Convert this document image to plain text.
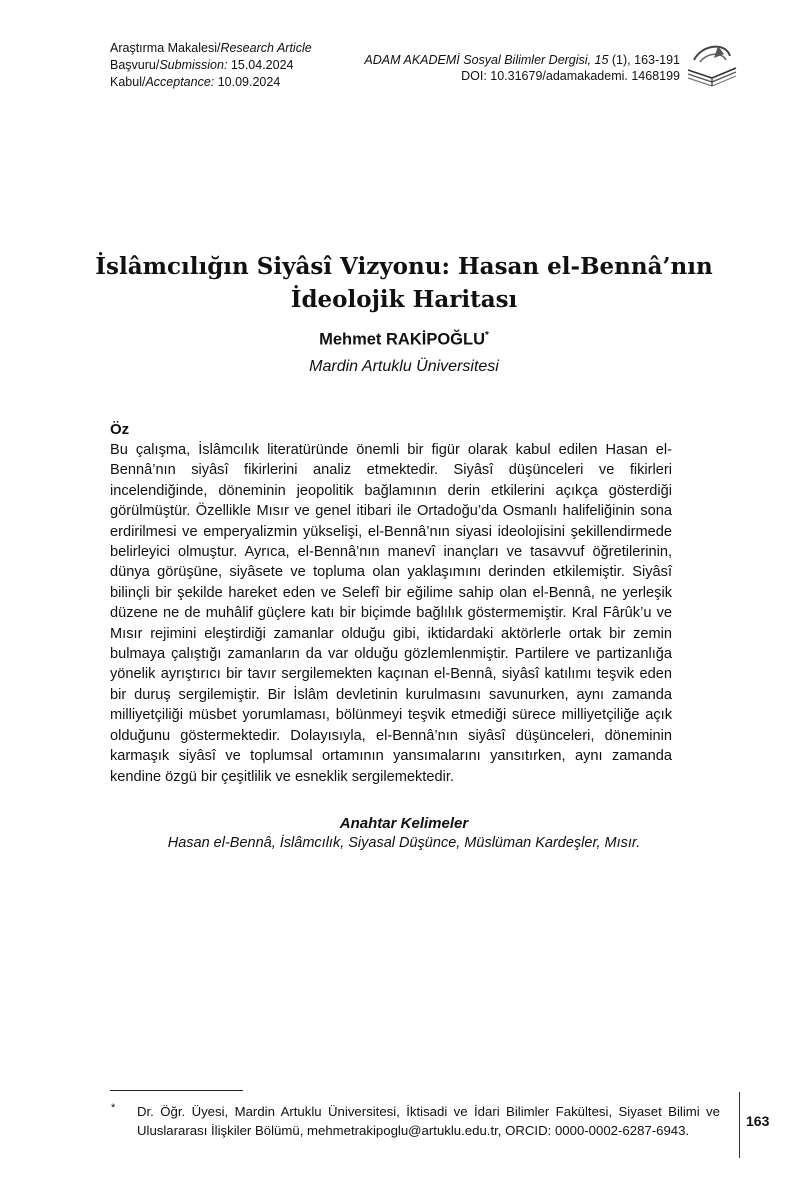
Araştırma Makalesi/Research Article
Başvuru/Submission: 15.04.2024
Kabul/Acceptance: 10.09.2024
ADAM AKADEMİ Sosyal Bilimler Dergisi, 15 (1), 163-191
DOI: 10.31679/adamakademi. 1468199
İslâmcılığın Siyâsî Vizyonu: Hasan el-Bennâ’nın
İdeolojik Haritası
Mehmet RAKİPOĞLU*
Mardin Artuklu Üniversitesi
Öz

Bu çalışma, İslâmcılık literatüründe önemli bir figür olarak kabul edilen Hasan el-Bennâ’nın siyâsî fikirlerini analiz etmektedir. Siyâsî düşünceleri ve fikirleri incelendiğinde, döneminin jeopolitik bağlamının derin etkilerini açıkça gösterdiği görülmüştür. Özellikle Mısır ve genel itibari ile Ortadoğu’da Osmanlı halifeliğinin sona erdirilmesi ve emperyalizmin yükselişi, el-Bennâ’nın siyasi ideolojisini şekillendirmede belirleyici olmuştur. Ayrıca, el-Bennâ’nın manevî inançları ve tasavvuf öğretilerinin, dünya görüşüne, siyâsete ve topluma olan yaklaşımını derinden etkilemiştir. Siyâsî bilinçli bir şekilde hareket eden ve Selefî bir eğilime sahip olan el-Bennâ, ne yerleşik düzene ne de muhâlif güçlere katı bir biçimde bağlılık göstermemiştir. Kral Fârûk’u ve Mısır rejimini eleştirdiği zamanlar olduğu gibi, iktidardaki aktörlerle ortak bir zemin bulmaya çalıştığı zamanların da var olduğu gözlemlenmiştir. Partilere ve partizanlığa yönelik ayrıştırıcı bir tavır sergilemekten kaçınan el-Bennâ, siyâsî katılımı teşvik eden bir duruş sergilemiştir. Bir İslâm devletinin kurulmasını savunurken, aynı zamanda milliyetçiliği müsbet yorumlaması, bölünmeyi teşvik etmediği sürece milliyetçiliğe açık olduğunu göstermektedir. Dolayısıyla, el-Bennâ’nın siyâsî düşünceleri, döneminin karmaşık siyâsî ve toplumsal ortamının yansımalarını yansıtırken, aynı zamanda kendine özgü bir çeşitlilik ve esneklik sergilemektedir.

Anahtar Kelimeler
Hasan el-Bennâ, İslâmcılık, Siyasal Düşünce, Müslüman Kardeşler, Mısır.
* Dr. Öğr. Üyesi, Mardin Artuklu Üniversitesi, İktisadi ve İdari Bilimler Fakültesi, Siyaset Bilimi ve Uluslararası İlişkiler Bölümü, mehmetrakipoglu@artuklu.edu.tr, ORCID: 0000-0002-6287-6943.

163
